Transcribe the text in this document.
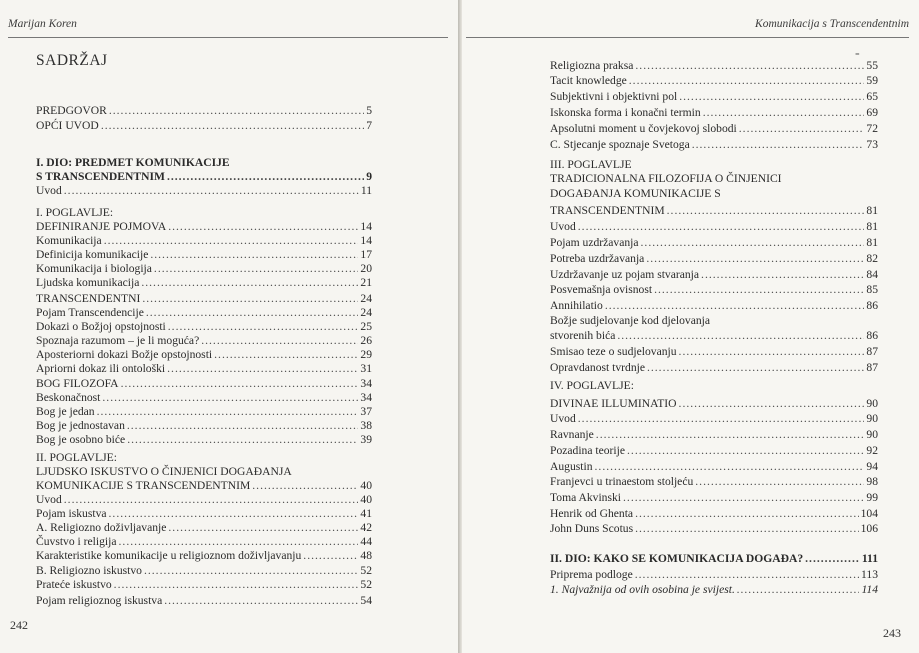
Marijan Koren
SADRŽAJ
PREDGOVOR .....	5
OPĆI UVOD .....	7
I. DIO: PREDMET KOMUNIKACIJE
S TRANSCENDENTNIM .....	9
Uvod .....	11
I. POGLAVLJE:
DEFINIRANJE POJMOVA .....	14
Komunikacija .....	14
Definicija komunikacije .....	17
Komunikacija i biologija .....	20
Ljudska komunikacija .....	21
TRANSCENDENTNI .....	24
Pojam Transcendencije .....	24
Dokazi o Božjoj opstojnosti .....	25
Spoznaja razumom – je li moguća? .....	26
Aposteriorni dokazi Božje opstojnosti .....	29
Apriorni dokaz ili ontološki .....	31
BOG FILOZOFA .....	34
Beskonačnost .....	34
Bog je jedan .....	37
Bog je jednostavan .....	38
Bog je osobno biće .....	39
II. POGLAVLJE:
LJUDSKO ISKUSTVO O ČINJENICI DOGAĐANJA
KOMUNIKACIJE S TRANSCENDENTNIM .....	40
Uvod .....	40
Pojam iskustva .....	41
A. Religiozno doživljavanje .....	42
Čuvstvo i religija .....	44
Karakteristike komunikacije u religioznom doživljavanju .....	48
B. Religiozno iskustvo .....	52
Prateće iskustvo .....	52
Pojam religioznog iskustva .....	54
242
Komunikacija s Transcendentnim
-
Religiozna praksa .....	55
Tacit knowledge .....	59
Subjektivni i objektivni pol .....	65
Iskonska forma i konačni termin .....	69
Apsolutni moment u čovjekovoj slobodi .....	72
C. Stjecanje spoznaje Svetoga .....	73
III. POGLAVLJE
TRADICIONALNA FILOZOFIJA O ČINJENICI
DOGAĐANJA KOMUNIKACIJE S
TRANSCENDENTNIM .....	81
Uvod .....	81
Pojam uzdržavanja .....	81
Potreba uzdržavanja .....	82
Uzdržavanje uz pojam stvaranja .....	84
Posvemašnja ovisnost .....	85
Annihilatio .....	86
Božje sudjelovanje kod djelovanja
stvorenih bića .....	86
Smisao teze o sudjelovanju .....	87
Opravdanost tvrdnje .....	87
IV. POGLAVLJE:
DIVINAE ILLUMINATIO .....	90
Uvod .....	90
Ravnanje .....	90
Pozadina teorije .....	92
Augustin .....	94
Franjevci u trinaestom stoljeću .....	98
Toma Akvinski .....	99
Henrik od Ghenta .....	104
John Duns Scotus .....	106
II. DIO: KAKO SE KOMUNIKACIJA DOGAĐA? .....	111
Priprema podloge .....	113
1. Najvažnija od ovih osobina je svijest. .....	114
243
